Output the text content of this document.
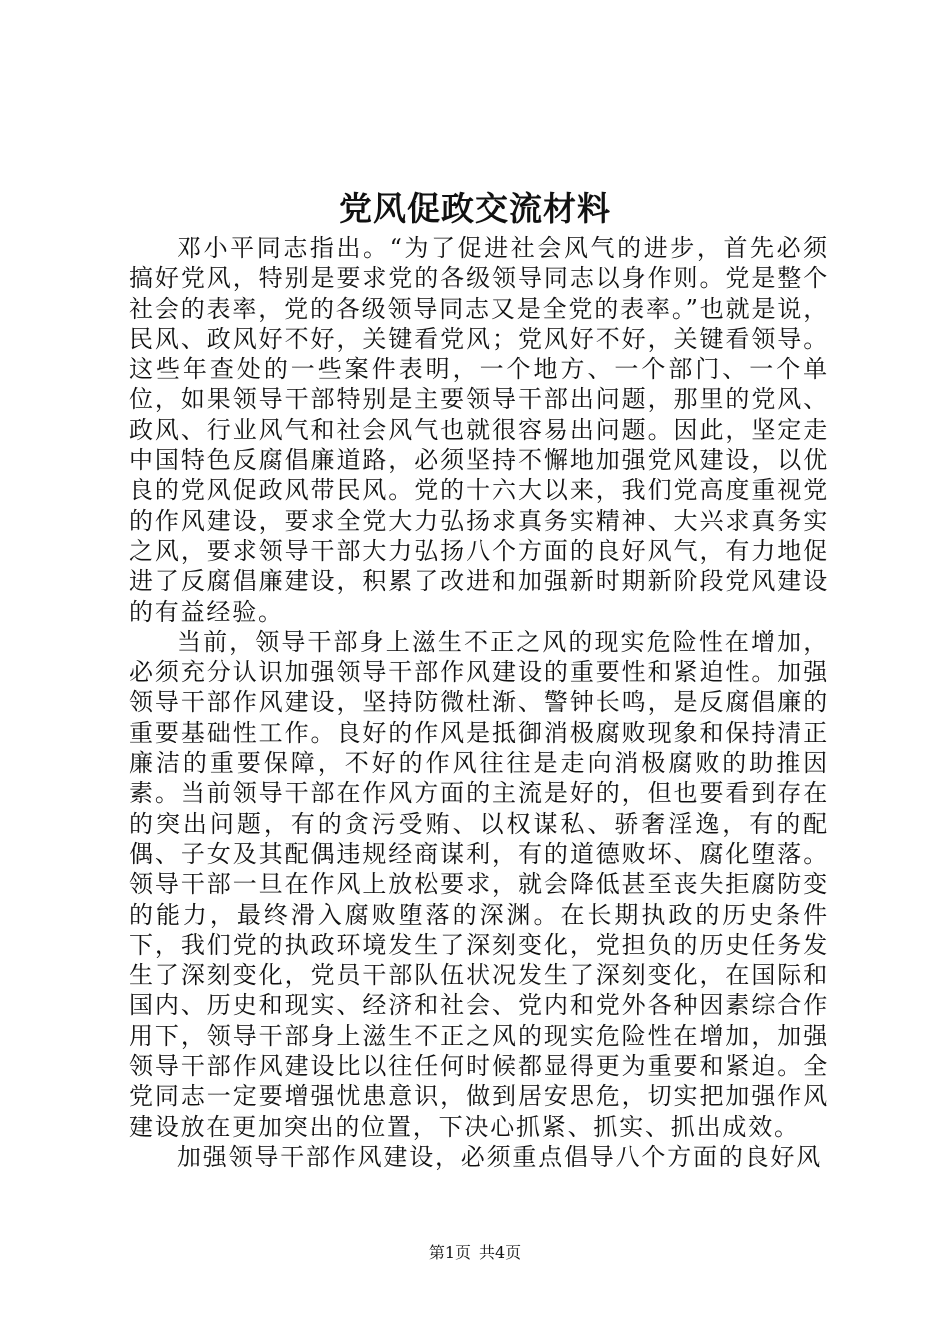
党风促政交流材料

邓小平同志指出。“为了促进社会风气的进步，首先必须搞好党风，特别是要求党的各级领导同志以身作则。党是整个社会的表率，党的各级领导同志又是全党的表率。”也就是说，民风、政风好不好，关键看党风；党风好不好，关键看领导。这些年查处的一些案件表明，一个地方、一个部门、一个单位，如果领导干部特别是主要领导干部出问题，那里的党风、政风、行业风气和社会风气也就很容易出问题。因此，坚定走中国特色反腐倡廉道路，必须坚持不懈地加强党风建设，以优良的党风促政风带民风。党的十六大以来，我们党高度重视党的作风建设，要求全党大力弘扬求真务实精神、大兴求真务实之风，要求领导干部大力弘扬八个方面的良好风气，有力地促进了反腐倡廉建设，积累了改进和加强新时期新阶段党风建设的有益经验。

当前，领导干部身上滋生不正之风的现实危险性在增加，必须充分认识加强领导干部作风建设的重要性和紧迫性。加强领导干部作风建设，坚持防微杜渐、警钟长鸣，是反腐倡廉的重要基础性工作。良好的作风是抵御消极腐败现象和保持清正廉洁的重要保障，不好的作风往往是走向消极腐败的助推因素。当前领导干部在作风方面的主流是好的，但也要看到存在的突出问题，有的贪污受贿、以权谋私、骄奢淫逸，有的配偶、子女及其配偶违规经商谋利，有的道德败坏、腐化堕落。领导干部一旦在作风上放松要求，就会降低甚至丧失拒腐防变的能力，最终滑入腐败堕落的深渊。在长期执政的历史条件下，我们党的执政环境发生了深刻变化，党担负的历史任务发生了深刻变化，党员干部队伍状况发生了深刻变化，在国际和国内、历史和现实、经济和社会、党内和党外各种因素综合作用下，领导干部身上滋生不正之风的现实危险性在增加，加强领导干部作风建设比以往任何时候都显得更为重要和紧迫。全党同志一定要增强忧患意识，做到居安思危，切实把加强作风建设放在更加突出的位置，下决心抓紧、抓实、抓出成效。

加强领导干部作风建设，必须重点倡导八个方面的良好风

第1页 共4页
